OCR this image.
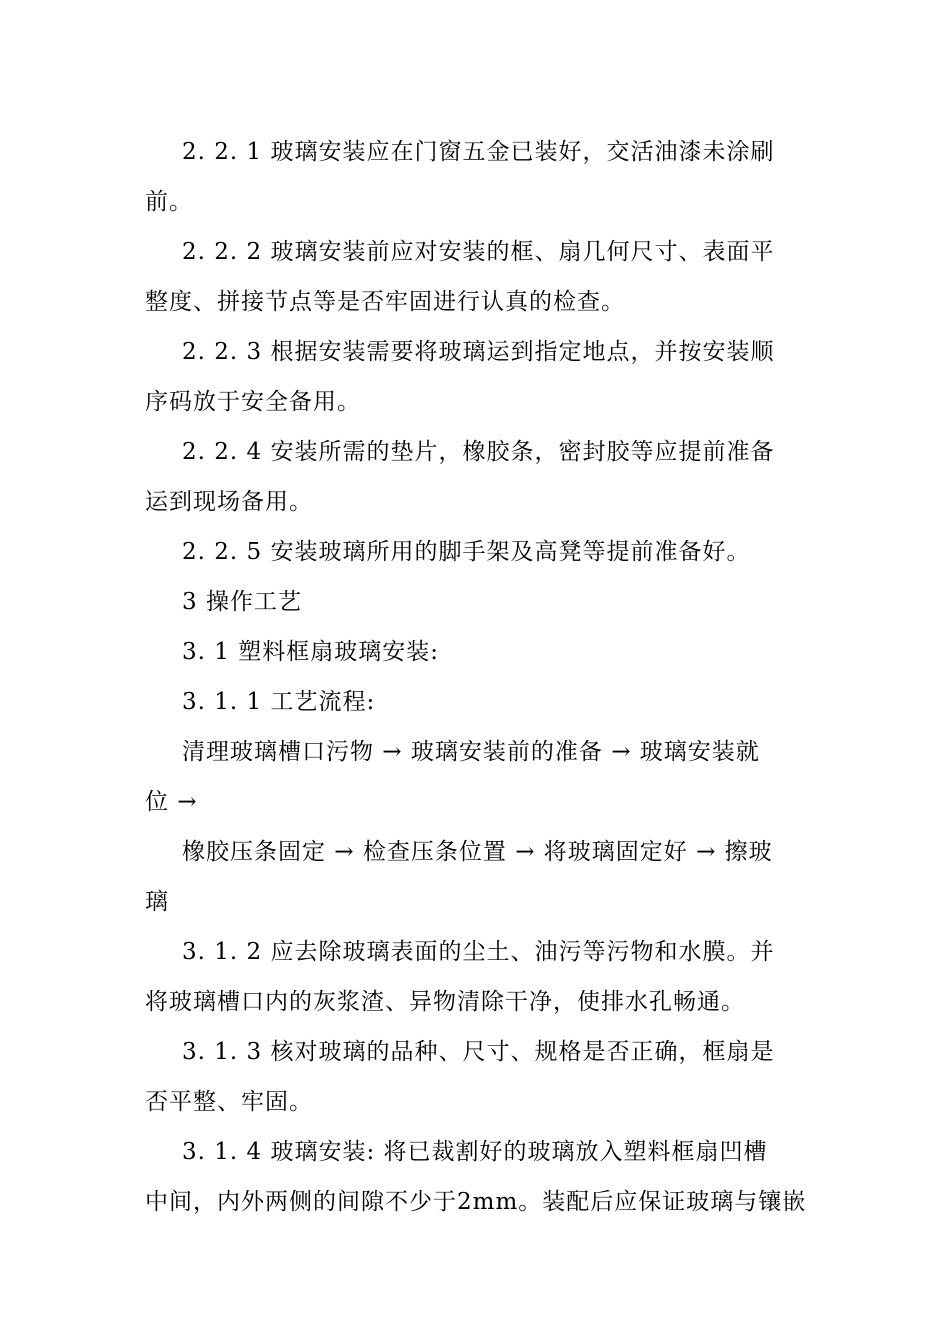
2. 2. 1 玻璃安装应在门窗五金已装好，交活油漆未涂刷
前。
2. 2. 2 玻璃安装前应对安装的框、扇几何尺寸、表面平
整度、拼接节点等是否牢固进行认真的检查。
2. 2. 3 根据安装需要将玻璃运到指定地点，并按安装顺
序码放于安全备用。
2. 2. 4 安装所需的垫片，橡胶条，密封胶等应提前准备
运到现场备用。
2. 2. 5 安装玻璃所用的脚手架及高凳等提前准备好。
3 操作工艺
3. 1 塑料框扇玻璃安装:
3. 1. 1 工艺流程:
清理玻璃槽口污物 → 玻璃安装前的准备 → 玻璃安装就
位 →
橡胶压条固定 → 检查压条位置 → 将玻璃固定好 → 擦玻
璃
3. 1. 2 应去除玻璃表面的尘土、油污等污物和水膜。并
将玻璃槽口内的灰浆渣、异物清除干净，使排水孔畅通。
3. 1. 3 核对玻璃的品种、尺寸、规格是否正确，框扇是
否平整、牢固。
3. 1. 4 玻璃安装: 将已裁割好的玻璃放入塑料框扇凹槽
中间，内外两侧的间隙不少于2mm。装配后应保证玻璃与镶嵌
